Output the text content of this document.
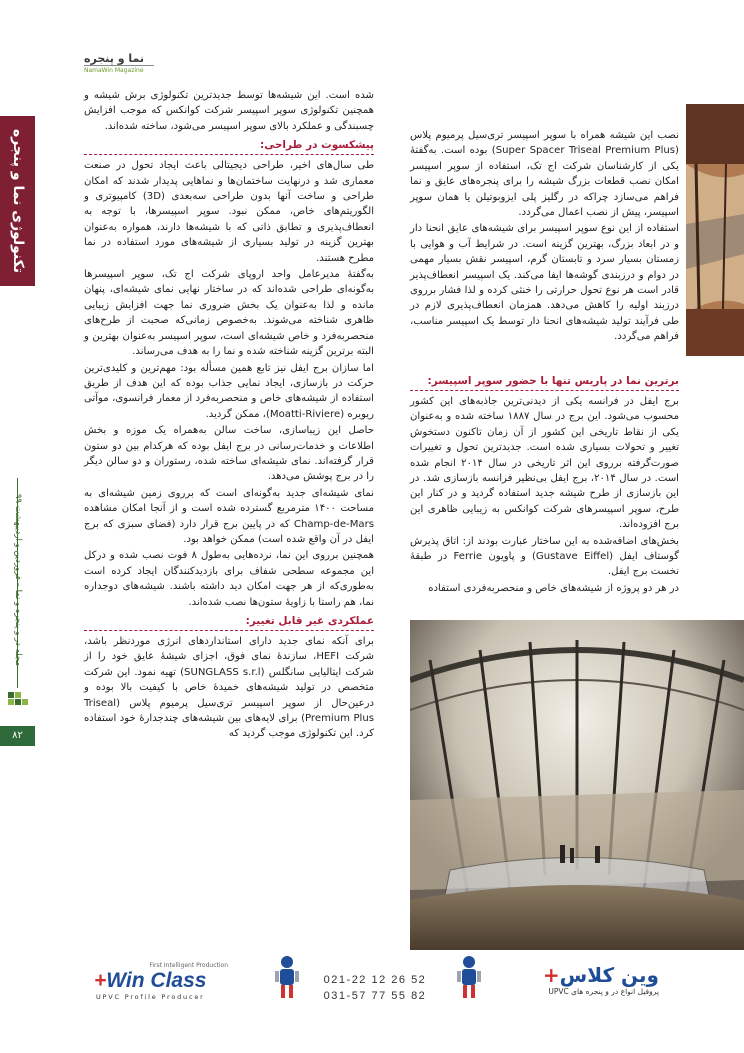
نما و پنجره
NamaWin Magazine
تکنولوژی نما و پنجره
مجله در و پنجره و نما – فروردین و اردیبهشت ۹۹
۸۲

شده است. این شیشه‌ها توسط جدیدترین تکنولوژی برش شیشه و همچنین تکنولوژی سوپر اسپیسر شرکت کوانکس که موجب افزایش چسبندگی و عملکرد بالای سوپر اسپیسر می‌شود، ساخته شده‌اند.

پیشکسوت در طراحی:

طی سال‌های اخیر، طراحی دیجیتالی باعث ایجاد تحول در صنعت معماری شد و درنهایت ساختمان‌ها و نماهایی پدیدار شدند که امکان طراحی و ساخت آنها بدون طراحی سه‌بعدی (3D) کامپیوتری و الگوریتم‌های خاص، ممکن نبود. سوپر اسپیسرها، با توجه به انعطاف‌پذیری و تطابق ذاتی که با شیشه‌ها دارند، همواره به‌عنوان بهترین گزینه در تولید بسیاری از شیشه‌های مورد استفاده در نما مطرح هستند.

به‌گفتهٔ مدیرعامل واحد اروپای شرکت اج تک، سوپر اسپیسرها به‌گونه‌ای طراحی شده‌اند که در ساختار نهایی نمای شیشه‌ای، پنهان مانده و لذا به‌عنوان یک بخش ضروری نما جهت افزایش زیبایی ظاهری شناخته می‌شوند. به‌خصوص زمانی‌که صحبت از طرح‌های منحصربه‌فرد و خاص شیشه‌ای است، سوپر اسپیسر به‌عنوان بهترین و البته برترین گزینه شناخته شده و نما را به هدف می‌رساند.

اما سازان برج ایفل نیز تابع همین مسأله بود: مهم‌ترین و کلیدی‌ترین حرکت در بازسازی، ایجاد نمایی جذاب بوده که این هدف از طریق استفاده از شیشه‌های خاص و منحصربه‌فرد از معمار فرانسوی، موآتی ریویره (Moatti-Riviere)، ممکن گردید.

حاصل این زیباسازی، ساخت سالن به‌همراه یک موزه و بخش اطلاعات و خدمات‌رسانی در برج ایفل بوده که هرکدام بین دو ستون قرار گرفته‌اند. نمای شیشه‌ای ساخته شده، رستوران و دو سالن دیگر را در برج پوشش می‌دهد.

نمای شیشه‌ای جدید به‌گونه‌ای است که برروی زمین شیشه‌ای به مساحت ۱۴۰۰ مترمربع گسترده شده است و از آنجا امکان مشاهده Champ-de-Mars که در پایین برج قرار دارد (فضای سبزی که برج ایفل در آن واقع شده است) ممکن خواهد بود.

همچنین برروی این نما، نرده‌هایی به‌طول ۸ فوت نصب شده و درکل این مجموعه سطحی شفاف برای بازدیدکنندگان ایجاد کرده است به‌طوری‌که از هر جهت امکان دید داشته باشند. شیشه‌های دوجداره نما، هم راستا با زاویهٔ ستون‌ها نصب شده‌اند.

عملکردی غیر قابل تغییر:

برای آنکه نمای جدید دارای استانداردهای انرژی موردنظر باشد، شرکت HEFI، سازندهٔ نمای فوق، اجزای شیشهٔ عایق خود را از شرکت ایتالیایی سانگلس (SUNGLASS s.r.l) تهیه نمود. این شرکت متخصص در تولید شیشه‌های خمیدهٔ خاص با کیفیت بالا بوده و درعین‌حال از سوپر اسپیسر تری‌سیل پرمیوم پلاس (Triseal Premium Plus) برای لایه‌های بین شیشه‌های چندجدارهٔ خود استفاده کرد. این تکنولوژی موجب گردید که

نصب این شیشه همراه با سوپر اسپیسر تری‌سیل پرمیوم پلاس (Super Spacer Triseal Premium Plus) بوده است. به‌گفتهٔ یکی از کارشناسان شرکت اج تک، استفاده از سوپر اسپیسر امکان نصب قطعات بزرگ شیشه را برای پنجره‌های عایق و نما فراهم می‌سازد چراکه در رگلیز پلی ایزوبوتیلن یا همان سوپر اسپیسر، پیش از نصب اعمال می‌گردد.

استفاده از این نوع سوپر اسپیسر برای شیشه‌های عایق انحنا دار و در ابعاد بزرگ، بهترین گزینه است. در شرایط آب و هوایی با زمستان بسیار سرد و تابستان گرم، اسپیسر نقش بسیار مهمی در دوام و درزبندی گوشه‌ها ایفا می‌کند. یک اسپیسر انعطاف‌پذیر قادر است هر نوع تحول حرارتی را خنثی کرده و لذا فشار برروی درزبند اولیه را کاهش می‌دهد. همزمان انعطاف‌پذیری لازم در طی فرآیند تولید شیشه‌های انحنا دار توسط یک اسپیسر مناسب، فراهم می‌گردد.

برترین نما در پاریس تنها با حضور سوپر اسپیسر:

برج ایفل در فرانسه یکی از دیدنی‌ترین جاذبه‌های این کشور محسوب می‌شود. این برج در سال ۱۸۸۷ ساخته شده و به‌عنوان یکی از نقاط تاریخی این کشور از آن زمان تاکنون دستخوش تغییر و تحولات بسیاری شده است. جدیدترین تحول و تغییرات صورت‌گرفته برروی این اثر تاریخی در سال ۲۰۱۴ انجام شده است. در سال ۲۰۱۴، برج ایفل بی‌نظیر فرانسه بازسازی شد. در این بازسازی از طرح شیشه جدید استفاده گردید و در کنار این طرح، سوپر اسپیسرهای شرکت کوانکس به زیبایی ظاهری این برج افزوده‌اند.

بخش‌های اضافه‌شده به این ساختار عبارت بودند از: اتاق پذیرش گوستاف ایفل (Gustave Eiffel) و پاویون Ferrie در طبقهٔ نخست برج ایفل.

در هر دو پروژه از شیشه‌های خاص و منحصربه‌فردی استفاده

First Intelligent Production
+Win Class
UPVC Profile Producer
021-22 12 26 52
031-57 77 55 82
وین کلاس+
پروفیل انواع در و پنجره های UPVC
